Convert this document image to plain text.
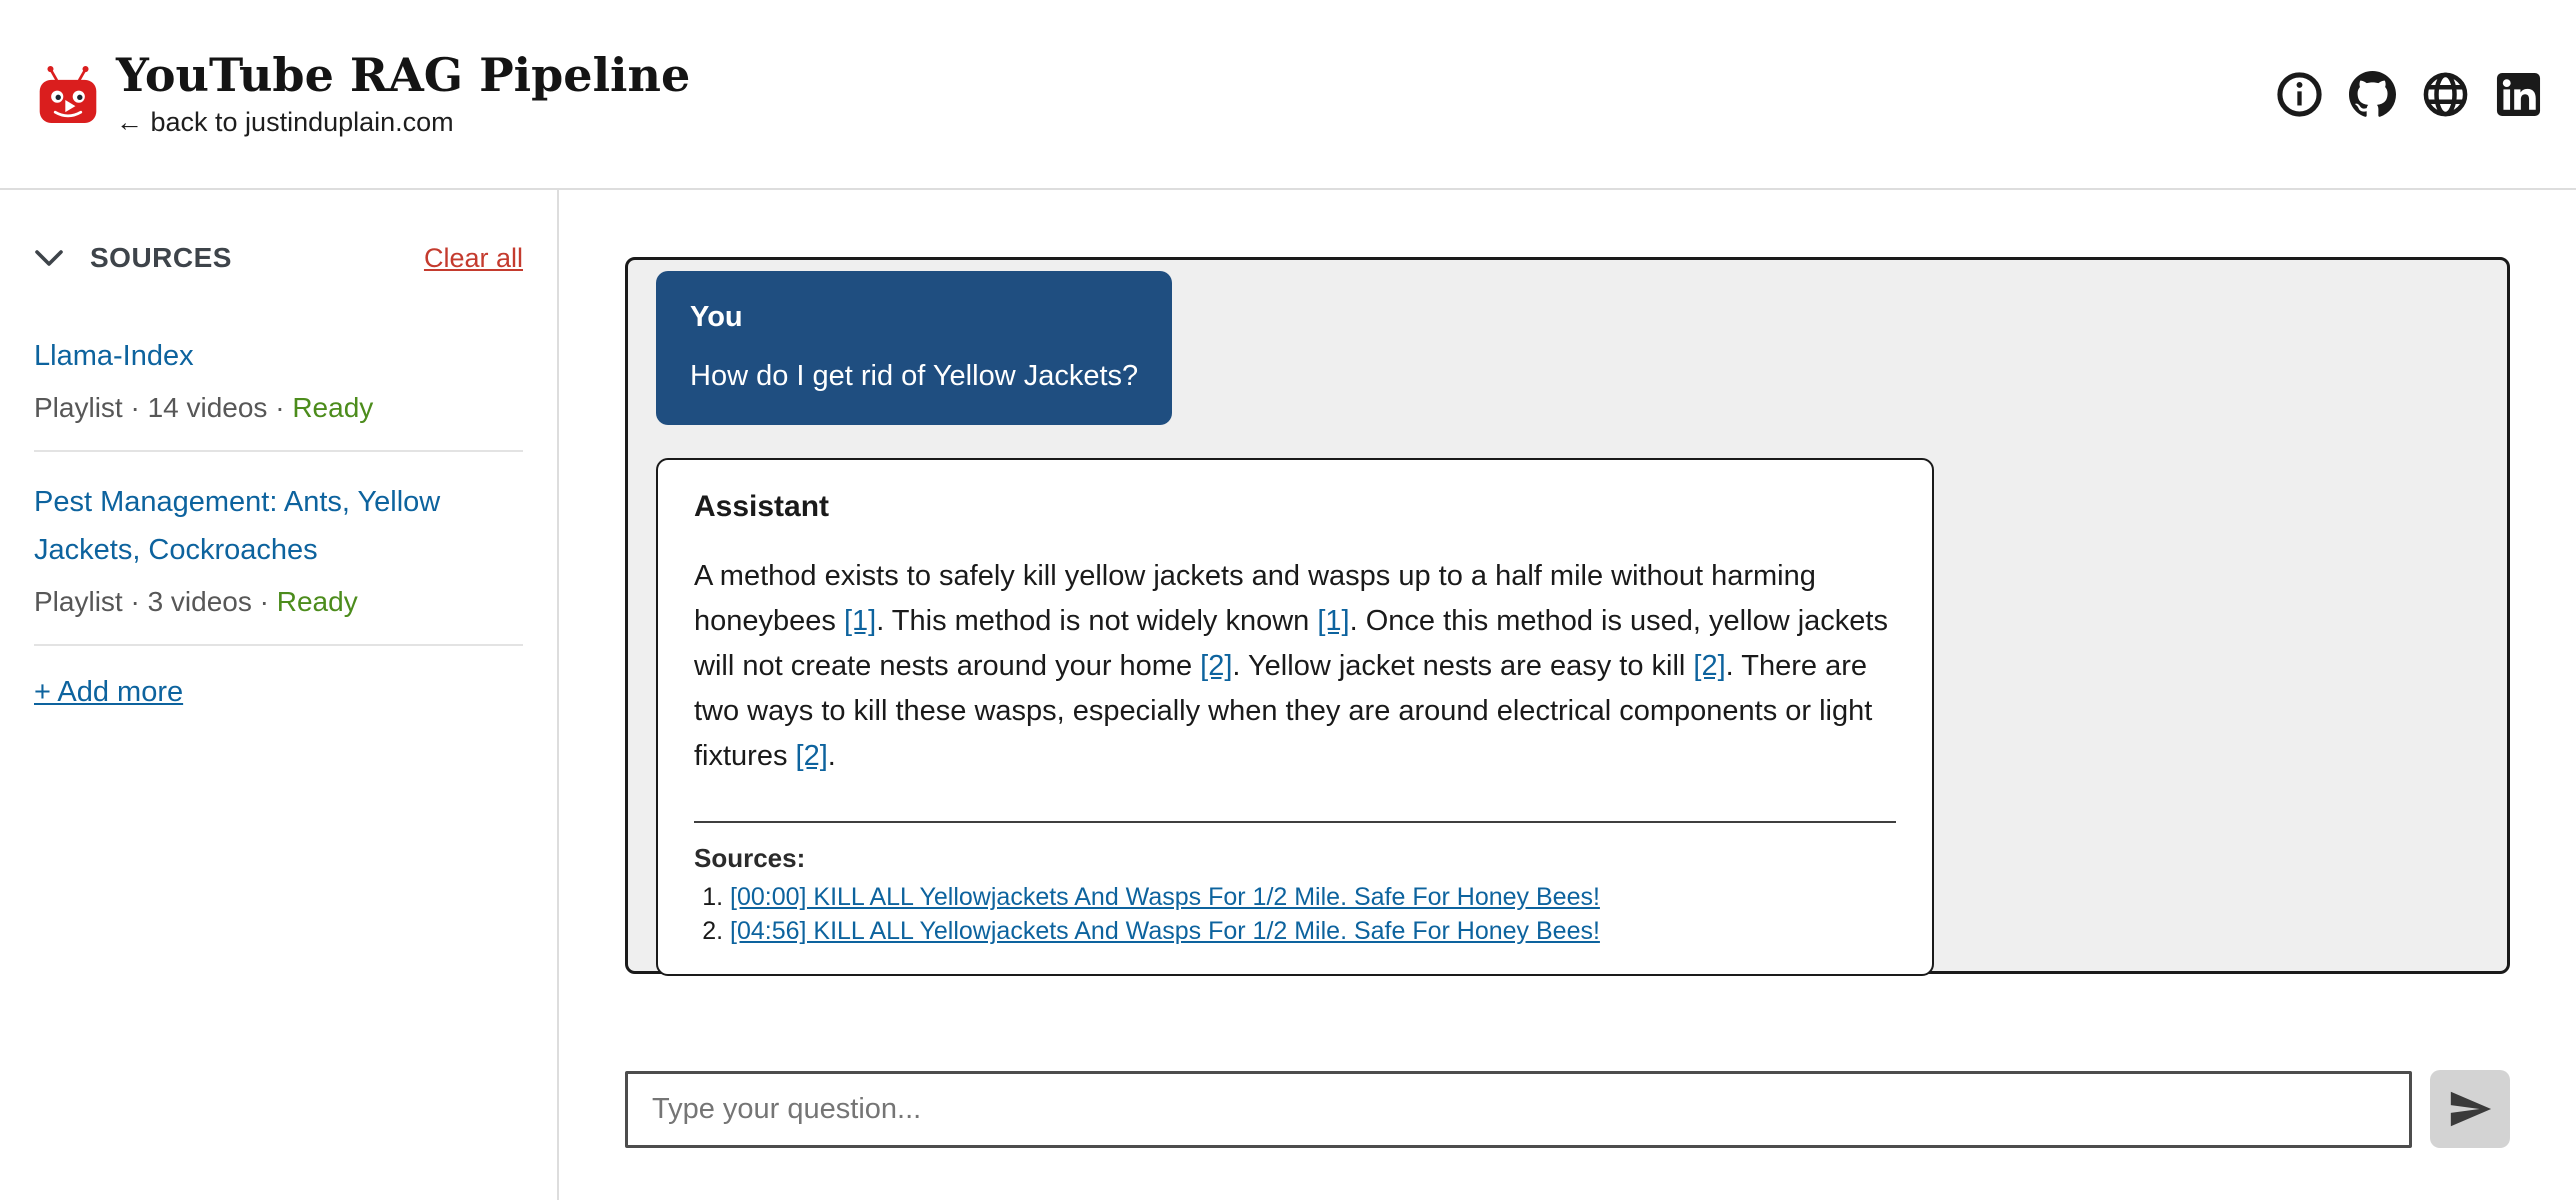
YouTube RAG Pipeline
← back to justinduplain.com
SOURCES	Clear all
Llama-Index
Playlist · 14 videos · Ready
Pest Management: Ants, Yellow Jackets, Cockroaches
Playlist · 3 videos · Ready
+ Add more
You
How do I get rid of Yellow Jackets?
Assistant

A method exists to safely kill yellow jackets and wasps up to a half mile without harming honeybees [1]. This method is not widely known [1]. Once this method is used, yellow jackets will not create nests around your home [2]. Yellow jacket nests are easy to kill [2]. There are two ways to kill these wasps, especially when they are around electrical components or light fixtures [2].

Sources:
1. [00:00] KILL ALL Yellowjackets And Wasps For 1/2 Mile. Safe For Honey Bees!
2. [04:56] KILL ALL Yellowjackets And Wasps For 1/2 Mile. Safe For Honey Bees!
Type your question...
